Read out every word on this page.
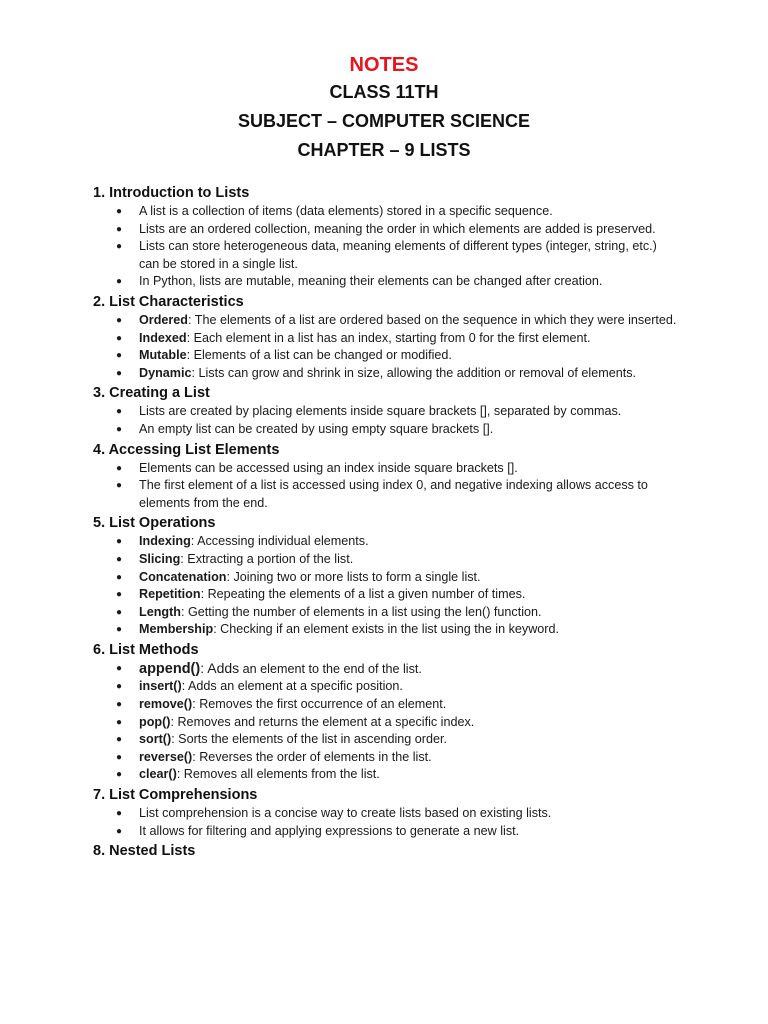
NOTES
CLASS 11TH
SUBJECT – COMPUTER SCIENCE
CHAPTER – 9 LISTS
1. Introduction to Lists
● A list is a collection of items (data elements) stored in a specific sequence.
● Lists are an ordered collection, meaning the order in which elements are added is preserved.
● Lists can store heterogeneous data, meaning elements of different types (integer, string, etc.) can be stored in a single list.
● In Python, lists are mutable, meaning their elements can be changed after creation.
2. List Characteristics
● Ordered: The elements of a list are ordered based on the sequence in which they were inserted.
● Indexed: Each element in a list has an index, starting from 0 for the first element.
● Mutable: Elements of a list can be changed or modified.
● Dynamic: Lists can grow and shrink in size, allowing the addition or removal of elements.
3. Creating a List
● Lists are created by placing elements inside square brackets [], separated by commas.
● An empty list can be created by using empty square brackets [].
4. Accessing List Elements
● Elements can be accessed using an index inside square brackets [].
● The first element of a list is accessed using index 0, and negative indexing allows access to elements from the end.
5. List Operations
● Indexing: Accessing individual elements.
● Slicing: Extracting a portion of the list.
● Concatenation: Joining two or more lists to form a single list.
● Repetition: Repeating the elements of a list a given number of times.
● Length: Getting the number of elements in a list using the len() function.
● Membership: Checking if an element exists in the list using the in keyword.
6. List Methods
● append(): Adds an element to the end of the list.
● insert(): Adds an element at a specific position.
● remove(): Removes the first occurrence of an element.
● pop(): Removes and returns the element at a specific index.
● sort(): Sorts the elements of the list in ascending order.
● reverse(): Reverses the order of elements in the list.
● clear(): Removes all elements from the list.
7. List Comprehensions
● List comprehension is a concise way to create lists based on existing lists.
● It allows for filtering and applying expressions to generate a new list.
8. Nested Lists
